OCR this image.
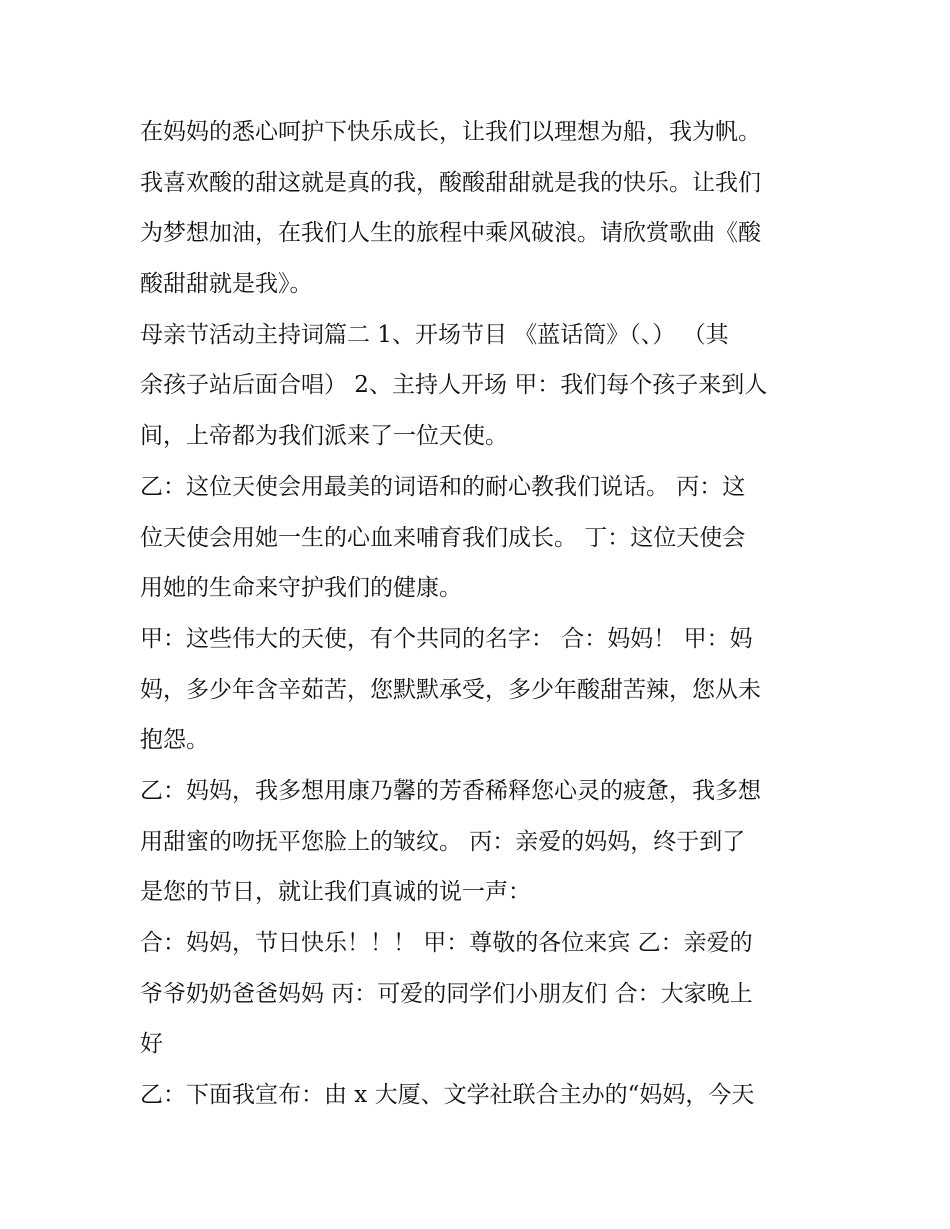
在妈妈的悉心呵护下快乐成长，让我们以理想为船，我为帆。
我喜欢酸的甜这就是真的我，酸酸甜甜就是我的快乐。让我们
为梦想加油，在我们人生的旅程中乘风破浪。请欣赏歌曲《酸
酸甜甜就是我》。
母亲节活动主持词篇二 1、开场节目 《蓝话筒》（、） （其
余孩子站后面合唱） 2、主持人开场 甲：我们每个孩子来到人
间，上帝都为我们派来了一位天使。
乙：这位天使会用最美的词语和的耐心教我们说话。 丙：这
位天使会用她一生的心血来哺育我们成长。 丁：这位天使会
用她的生命来守护我们的健康。
甲：这些伟大的天使，有个共同的名字： 合：妈妈！ 甲：妈
妈，多少年含辛茹苦，您默默承受，多少年酸甜苦辣，您从未
抱怨。
乙：妈妈，我多想用康乃馨的芳香稀释您心灵的疲惫，我多想
用甜蜜的吻抚平您脸上的皱纹。 丙：亲爱的妈妈，终于到了
是您的节日，就让我们真诚的说一声：
合：妈妈，节日快乐！！！ 甲：尊敬的各位来宾 乙：亲爱的
爷爷奶奶爸爸妈妈 丙：可爱的同学们小朋友们 合：大家晚上
好
乙：下面我宣布：由 x 大厦、文学社联合主办的“妈妈，今天
